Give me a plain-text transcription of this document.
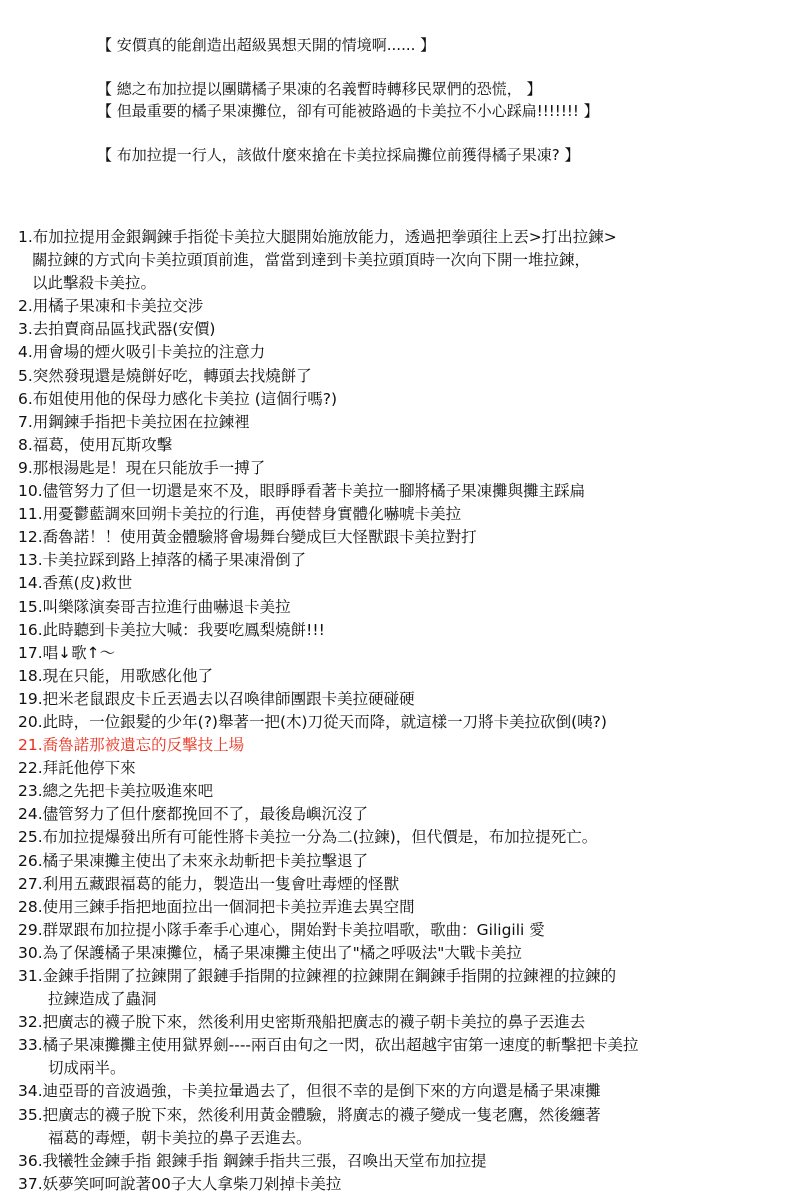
【 安價真的能創造出超級異想天開的情境啊...... 】

【 總之布加拉提以團購橘子果凍的名義暫時轉移民眾們的恐慌， 】

【 但最重要的橘子果凍攤位，卻有可能被路過的卡美拉不小心踩扁!!!!!!! 】

【 布加拉提一行人，該做什麼來搶在卡美拉採扁攤位前獲得橘子果凍? 】

1.布加拉提用金銀鋼鍊手指從卡美拉大腿開始施放能力，透過把拳頭往上丟>打出拉鍊>
關拉鍊的方式向卡美拉頭頂前進，當當到達到卡美拉頭頂時一次向下開一堆拉鍊，
以此擊殺卡美拉。
2.用橘子果凍和卡美拉交涉
3.去拍賣商品區找武器(安價)
4.用會場的煙火吸引卡美拉的注意力
5.突然發現還是燒餅好吃，轉頭去找燒餅了
6.布姐使用他的保母力感化卡美拉 (這個行嗎?)
7.用鋼鍊手指把卡美拉困在拉鍊裡
8.福葛，使用瓦斯攻擊
9.那根湯匙是！現在只能放手一搏了
10.儘管努力了但一切還是來不及，眼睜睜看著卡美拉一腳將橘子果凍攤與攤主踩扁
11.用憂鬱藍調來回朔卡美拉的行進，再使替身實體化嚇唬卡美拉
12.喬魯諾！！使用黃金體驗將會場舞台變成巨大怪獸跟卡美拉對打
13.卡美拉踩到路上掉落的橘子果凍滑倒了
14.香蕉(皮)救世
15.叫樂隊演奏哥吉拉進行曲嚇退卡美拉
16.此時聽到卡美拉大喊：我要吃鳳梨燒餅!!!
17.唱↓歌↑～
18.現在只能，用歌感化他了
19.把米老鼠跟皮卡丘丟過去以召喚律師團跟卡美拉硬碰硬
20.此時，一位銀髮的少年(?)舉著一把(木)刀從天而降，就這樣一刀將卡美拉砍倒(咦?)
21.喬魯諾那被遺忘的反擊技上場
22.拜託他停下來
23.總之先把卡美拉吸進來吧
24.儘管努力了但什麼都挽回不了，最後島嶼沉沒了
25.布加拉提爆發出所有可能性將卡美拉一分為二(拉鍊)，但代價是，布加拉提死亡。
26.橘子果凍攤主使出了未來永劫斬把卡美拉擊退了
27.利用五藏跟福葛的能力，製造出一隻會吐毒煙的怪獸
28.使用三鍊手指把地面拉出一個洞把卡美拉弄進去異空間
29.群眾跟布加拉提小隊手牽手心連心，開始對卡美拉唱歌，歌曲：Giligili 愛
30.為了保護橘子果凍攤位，橘子果凍攤主使出了"橘之呼吸法"大戰卡美拉
31.金鍊手指開了拉鍊開了銀鏈手指開的拉鍊裡的拉鍊開在鋼鍊手指開的拉鍊裡的拉鍊的
拉鍊造成了蟲洞
32.把廣志的襪子脫下來，然後利用史密斯飛船把廣志的襪子朝卡美拉的鼻子丟進去
33.橘子果凍攤攤主使用獄界劍----兩百由旬之一閃，砍出超越宇宙第一速度的斬擊把卡美拉
切成兩半。
34.迪亞哥的音波過強，卡美拉暈過去了，但很不幸的是倒下來的方向還是橘子果凍攤
35.把廣志的襪子脫下來，然後利用黃金體驗，將廣志的襪子變成一隻老鷹，然後纏著
福葛的毒煙，朝卡美拉的鼻子丟進去。
36.我犧牲金鍊手指 銀鍊手指 鋼鍊手指共三張，召喚出天堂布加拉提
37.妖夢笑呵呵說著00子大人拿柴刀剁掉卡美拉
